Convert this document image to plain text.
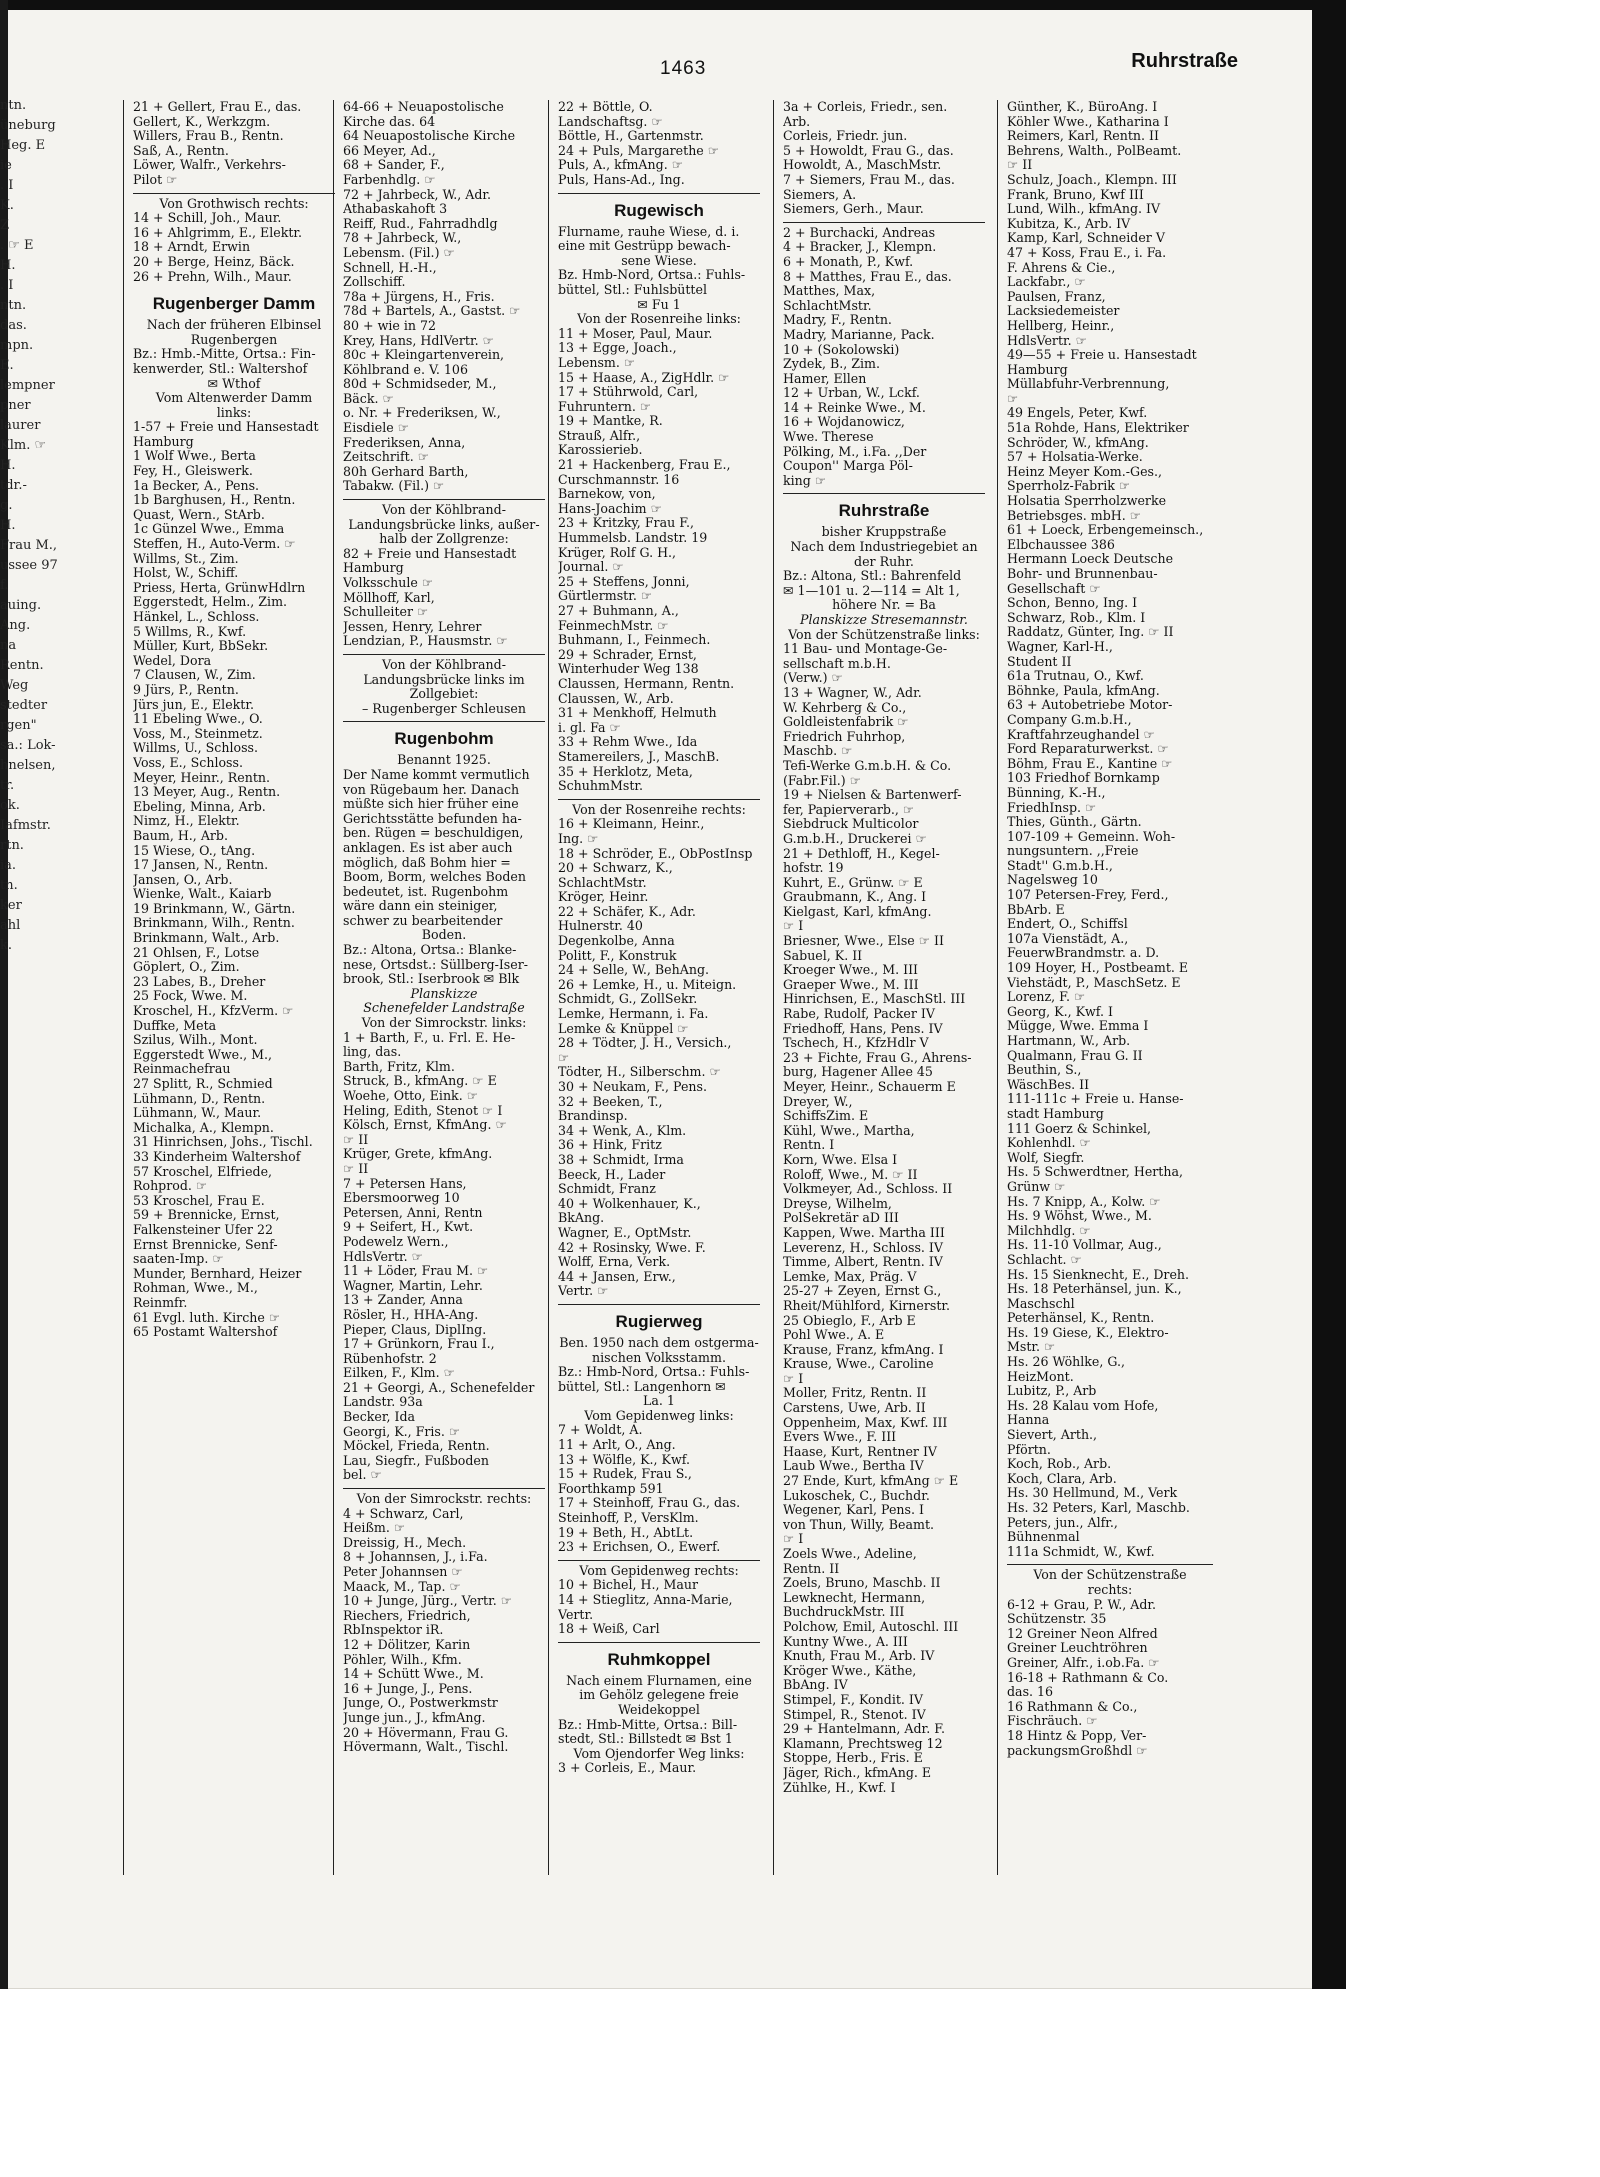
1463	Ruhrstraße
ntn.
üneburg
Heg. E
ie
. I
K.
Z
. ☞ E
H.
. I
ntn.
das.
mpn.
E.
lempner
pner
laurer
Klm. ☞
H.
tdr.-
g.
H.
Frau M.,
ussee 97
f.
auing.
Ang.
na
Rentn.
Weg
stedter
rgen"
sa.: Lok-
hnelsen,
tr.
ok.
Iafmstr.
rtn.
ia.
tn.
ker
ahl
k.
21 + Gellert, Frau E., das.
Gellert, K., Werkzgm.
Willers, Frau B., Rentn.
Saß, A., Rentn.
Löwer, Walfr., Verkehrs-
Pilot ☞
Von Grothwisch rechts:
14 + Schill, Joh., Maur.
16 + Ahlgrimm, E., Elektr.
18 + Arndt, Erwin
20 + Berge, Heinz, Bäck.
26 + Prehn, Wilh., Maur.
Rugenberger Damm
Nach der früheren Elbinsel
Rugenbergen
Bz.: Hmb.-Mitte, Ortsa.: Fin-
kenwerder, Stl.: Waltershof
✉ Wthof
Vom Altenwerder Damm
links:
1-57 + Freie und Hansestadt
Hamburg
1 Wolf Wwe., Berta
Fey, H., Gleiswerk.
1a Becker, A., Pens.
1b Barghusen, H., Rentn.
Quast, Wern., StArb.
1c Günzel Wwe., Emma
Steffen, H., Auto-Verm. ☞
Willms, St., Zim.
Holst, W., Schiff.
Priess, Herta, GrünwHdlrn
Eggerstedt, Helm., Zim.
Hänkel, L., Schloss.
5 Willms, R., Kwf.
Müller, Kurt, BbSekr.
Wedel, Dora
7 Clausen, W., Zim.
9 Jürs, P., Rentn.
Jürs jun, E., Elektr.
11 Ebeling Wwe., O.
Voss, M., Steinmetz.
Willms, U., Schloss.
Voss, E., Schloss.
Meyer, Heinr., Rentn.
13 Meyer, Aug., Rentn.
Ebeling, Minna, Arb.
Nimz, H., Elektr.
Baum, H., Arb.
15 Wiese, O., tAng.
17 Jansen, N., Rentn.
Jansen, O., Arb.
Wienke, Walt., Kaiarb
19 Brinkmann, W., Gärtn.
Brinkmann, Wilh., Rentn.
Brinkmann, Walt., Arb.
21 Ohlsen, F., Lotse
Göplert, O., Zim.
23 Labes, B., Dreher
25 Fock, Wwe. M.
Kroschel, H., KfzVerm. ☞
Duffke, Meta
Szilus, Wilh., Mont.
Eggerstedt Wwe., M.,
Reinmachefrau
27 Splitt, R., Schmied
Lühmann, D., Rentn.
Lühmann, W., Maur.
Michalka, A., Klempn.
31 Hinrichsen, Johs., Tischl.
33 Kinderheim Waltershof
57 Kroschel, Elfriede,
Rohprod. ☞
53 Kroschel, Frau E.
59 + Brennicke, Ernst,
Falkensteiner Ufer 22
Ernst Brennicke, Senf-
saaten-Imp. ☞
Munder, Bernhard, Heizer
Rohman, Wwe., M.,
Reinmfr.
61 Evgl. luth. Kirche ☞
65 Postamt Waltershof
64-66 + Neuapostolische
Kirche das. 64
64 Neuapostolische Kirche
66 Meyer, Ad.,
68 + Sander, F.,
Farbenhdlg. ☞
72 + Jahrbeck, W., Adr.
Athabaskahoft 3
Reiff, Rud., Fahrradhdlg
78 + Jahrbeck, W.,
Lebensm. (Fil.) ☞
Schnell, H.-H.,
Zollschiff.
78a + Jürgens, H., Fris.
78d + Bartels, A., Gastst. ☞
80 + wie in 72
Krey, Hans, HdlVertr. ☞
80c + Kleingartenverein,
Köhlbrand e. V. 106
80d + Schmidseder, M.,
Bäck. ☞
o. Nr. + Frederiksen, W.,
Eisdiele ☞
Frederiksen, Anna,
Zeitschrift. ☞
80h Gerhard Barth,
Tabakw. (Fil.) ☞
Von der Köhlbrand-
Landungsbrücke links, außer-
halb der Zollgrenze:
82 + Freie und Hansestadt
Hamburg
Volksschule ☞
Möllhoff, Karl,
Schulleiter ☞
Jessen, Henry, Lehrer
Lendzian, P., Hausmstr. ☞
Von der Köhlbrand-
Landungsbrücke links im
Zollgebiet:
– Rugenberger Schleusen
Rugenbohm
Benannt 1925.
Der Name kommt vermutlich
von Rügebaum her. Danach
müßte sich hier früher eine
Gerichtsstätte befunden ha-
ben. Rügen = beschuldigen,
anklagen. Es ist aber auch
möglich, daß Bohm hier =
Boom, Borm, welches Boden
bedeutet, ist. Rugenbohm
wäre dann ein steiniger,
schwer zu bearbeitender
Boden.
Bz.: Altona, Ortsa.: Blanke-
nese, Ortsdst.: Süllberg-Iser-
brook, Stl.: Iserbrook ✉ Blk
Planskizze
Schenefelder Landstraße
Von der Simrockstr. links:
1 + Barth, F., u. Frl. E. He-
ling, das.
Barth, Fritz, Klm.
Struck, B., kfmAng. ☞ E
Woehe, Otto, Eink. ☞
Heling, Edith, Stenot ☞ I
Kölsch, Ernst, KfmAng. ☞
☞ II
Krüger, Grete, kfmAng.
☞ II
7 + Petersen Hans,
Ebersmoorweg 10
Petersen, Anni, Rentn
9 + Seifert, H., Kwt.
Podewelz Wern.,
HdlsVertr. ☞
11 + Löder, Frau M. ☞
Wagner, Martin, Lehr.
13 + Zander, Anna
Rösler, H., HHA-Ang.
Pieper, Claus, DiplIng.
17 + Grünkorn, Frau I.,
Rübenhofstr. 2
Eilken, F., Klm. ☞
21 + Georgi, A., Schenefelder
Landstr. 93a
Becker, Ida
Georgi, K., Fris. ☞
Möckel, Frieda, Rentn.
Lau, Siegfr., Fußboden
bel. ☞
Von der Simrockstr. rechts:
4 + Schwarz, Carl,
Heißm. ☞
Dreissig, H., Mech.
8 + Johannsen, J., i.Fa.
Peter Johannsen ☞
Maack, M., Tap. ☞
10 + Junge, Jürg., Vertr. ☞
Riechers, Friedrich,
RbInspektor iR.
12 + Dölitzer, Karin
Pöhler, Wilh., Kfm.
14 + Schütt Wwe., M.
16 + Junge, J., Pens.
Junge, O., Postwerkmstr
Junge jun., J., kfmAng.
20 + Hövermann, Frau G.
Hövermann, Walt., Tischl.
22 + Böttle, O.
Landschaftsg. ☞
Böttle, H., Gartenmstr.
24 + Puls, Margarethe ☞
Puls, A., kfmAng. ☞
Puls, Hans-Ad., Ing.
Rugewisch
Flurname, rauhe Wiese, d. i.
eine mit Gestrüpp bewach-
sene Wiese.
Bz. Hmb-Nord, Ortsa.: Fuhls-
büttel, Stl.: Fuhlsbüttel
✉ Fu 1
Von der Rosenreihe links:
11 + Moser, Paul, Maur.
13 + Egge, Joach.,
Lebensm. ☞
15 + Haase, A., ZigHdlr. ☞
17 + Stührwold, Carl,
Fuhruntern. ☞
19 + Mantke, R.
Strauß, Alfr.,
Karossierieb.
21 + Hackenberg, Frau E.,
Curschmannstr. 16
Barnekow, von,
Hans-Joachim ☞
23 + Kritzky, Frau F.,
Hummelsb. Landstr. 19
Krüger, Rolf G. H.,
Journal. ☞
25 + Steffens, Jonni,
Gürtlermstr. ☞
27 + Buhmann, A.,
FeinmechMstr. ☞
Buhmann, I., Feinmech.
29 + Schrader, Ernst,
Winterhuder Weg 138
Claussen, Hermann, Rentn.
Claussen, W., Arb.
31 + Menkhoff, Helmuth
i. gl. Fa ☞
33 + Rehm Wwe., Ida
Stamereilers, J., MaschB.
35 + Herklotz, Meta,
SchuhmMstr.
Von der Rosenreihe rechts:
16 + Kleimann, Heinr.,
Ing. ☞
18 + Schröder, E., ObPostInsp
20 + Schwarz, K.,
SchlachtMstr.
Kröger, Heinr.
22 + Schäfer, K., Adr.
Hulnerstr. 40
Degenkolbe, Anna
Politt, F., Konstruk
24 + Selle, W., BehAng.
26 + Lemke, H., u. Miteign.
Schmidt, G., ZollSekr.
Lemke, Hermann, i. Fa.
Lemke & Knüppel ☞
28 + Tödter, J. H., Versich.,
☞
Tödter, H., Silberschm. ☞
30 + Neukam, F., Pens.
32 + Beeken, T.,
Brandinsp.
34 + Wenk, A., Klm.
36 + Hink, Fritz
38 + Schmidt, Irma
Beeck, H., Lader
Schmidt, Franz
40 + Wolkenhauer, K.,
BkAng.
Wagner, E., OptMstr.
42 + Rosinsky, Wwe. F.
Wolff, Erna, Verk.
44 + Jansen, Erw.,
Vertr. ☞
Rugierweg
Ben. 1950 nach dem ostgerma-
nischen Volksstamm.
Bz.: Hmb-Nord, Ortsa.: Fuhls-
büttel, Stl.: Langenhorn ✉
La. 1
Vom Gepidenweg links:
7 + Woldt, A.
11 + Arlt, O., Ang.
13 + Wölfle, K., Kwf.
15 + Rudek, Frau S.,
Foorthkamp 591
17 + Steinhoff, Frau G., das.
Steinhoff, P., VersKlm.
19 + Beth, H., AbtLt.
23 + Erichsen, O., Ewerf.
Vom Gepidenweg rechts:
10 + Bichel, H., Maur
14 + Stieglitz, Anna-Marie,
Vertr.
18 + Weiß, Carl
Ruhmkoppel
Nach einem Flurnamen, eine
im Gehölz gelegene freie
Weidekoppel
Bz.: Hmb-Mitte, Ortsa.: Bill-
stedt, Stl.: Billstedt ✉ Bst 1
Vom Ojendorfer Weg links:
3 + Corleis, E., Maur.
3a + Corleis, Friedr., sen.
Arb.
Corleis, Friedr. jun.
5 + Howoldt, Frau G., das.
Howoldt, A., MaschMstr.
7 + Siemers, Frau M., das.
Siemers, A.
Siemers, Gerh., Maur.
2 + Burchacki, Andreas
4 + Bracker, J., Klempn.
6 + Monath, P., Kwf.
8 + Matthes, Frau E., das.
Matthes, Max,
SchlachtMstr.
Madry, F., Rentn.
Madry, Marianne, Pack.
10 + (Sokolowski)
Zydek, B., Zim.
Hamer, Ellen
12 + Urban, W., Lckf.
14 + Reinke Wwe., M.
16 + Wojdanowicz,
Wwe. Therese
Pölking, M., i.Fa. ,,Der
Coupon'' Marga Pöl-
king ☞
Ruhrstraße
bisher Kruppstraße
Nach dem Industriegebiet an
der Ruhr.
Bz.: Altona, Stl.: Bahrenfeld
✉ 1—101 u. 2—114 = Alt 1,
höhere Nr. = Ba
Planskizze Stresemannstr.
Von der Schützenstraße links:
11 Bau- und Montage-Ge-
sellschaft m.b.H.
(Verw.) ☞
13 + Wagner, W., Adr.
W. Kehrberg & Co.,
Goldleistenfabrik ☞
Friedrich Fuhrhop,
Maschb. ☞
Tefi-Werke G.m.b.H. & Co.
(Fabr.Fil.) ☞
19 + Nielsen & Bartenwerf-
fer, Papierverarb., ☞
Siebdruck Multicolor
G.m.b.H., Druckerei ☞
21 + Dethloff, H., Kegel-
hofstr. 19
Kuhrt, E., Grünw. ☞ E
Graubmann, K., Ang. I
Kielgast, Karl, kfmAng.
☞ I
Briesner, Wwe., Else ☞ II
Sabuel, K. II
Kroeger Wwe., M. III
Graeper Wwe., M. III
Hinrichsen, E., MaschStl. III
Rabe, Rudolf, Packer IV
Friedhoff, Hans, Pens. IV
Tschech, H., KfzHdlr V
23 + Fichte, Frau G., Ahrens-
burg, Hagener Allee 45
Meyer, Heinr., Schauerm E
Dreyer, W.,
SchiffsZim. E
Kühl, Wwe., Martha,
Rentn. I
Korn, Wwe. Elsa I
Roloff, Wwe., M. ☞ II
Volkmeyer, Ad., Schloss. II
Dreyse, Wilhelm,
PolSekretär aD III
Kappen, Wwe. Martha III
Leverenz, H., Schloss. IV
Timme, Albert, Rentn. IV
Lemke, Max, Präg. V
25-27 + Zeyen, Ernst G.,
Rheit/Mühlford, Kirnerstr.
25 Obieglo, F., Arb E
Pohl Wwe., A. E
Krause, Franz, kfmAng. I
Krause, Wwe., Caroline
☞ I
Moller, Fritz, Rentn. II
Carstens, Uwe, Arb. II
Oppenheim, Max, Kwf. III
Evers Wwe., F. III
Haase, Kurt, Rentner IV
Laub Wwe., Bertha IV
27 Ende, Kurt, kfmAng ☞ E
Lukoschek, C., Buchdr.
Wegener, Karl, Pens. I
von Thun, Willy, Beamt.
☞ I
Zoels Wwe., Adeline,
Rentn. II
Zoels, Bruno, Maschb. II
Lewknecht, Hermann,
BuchdruckMstr. III
Polchow, Emil, Autoschl. III
Kuntny Wwe., A. III
Knuth, Frau M., Arb. IV
Kröger Wwe., Käthe,
BbAng. IV
Stimpel, F., Kondit. IV
Stimpel, R., Stenot. IV
29 + Hantelmann, Adr. F.
Klamann, Prechtsweg 12
Stoppe, Herb., Fris. E
Jäger, Rich., kfmAng. E
Zühlke, H., Kwf. I
Günther, K., BüroAng. I
Köhler Wwe., Katharina I
Reimers, Karl, Rentn. II
Behrens, Walth., PolBeamt.
☞ II
Schulz, Joach., Klempn. III
Frank, Bruno, Kwf III
Lund, Wilh., kfmAng. IV
Kubitza, K., Arb. IV
Kamp, Karl, Schneider V
47 + Koss, Frau E., i. Fa.
F. Ahrens & Cie.,
Lackfabr., ☞
Paulsen, Franz,
Lacksiedemeister
Hellberg, Heinr.,
HdlsVertr. ☞
49—55 + Freie u. Hansestadt
Hamburg
Müllabfuhr-Verbrennung,
☞
49 Engels, Peter, Kwf.
51a Rohde, Hans, Elektriker
Schröder, W., kfmAng.
57 + Holsatia-Werke.
Heinz Meyer Kom.-Ges.,
Sperrholz-Fabrik ☞
Holsatia Sperrholzwerke
Betriebsges. mbH. ☞
61 + Loeck, Erbengemeinsch.,
Elbchaussee 386
Hermann Loeck Deutsche
Bohr- und Brunnenbau-
Gesellschaft ☞
Schon, Benno, Ing. I
Schwarz, Rob., Klm. I
Raddatz, Günter, Ing. ☞ II
Wagner, Karl-H.,
Student II
61a Trutnau, O., Kwf.
Böhnke, Paula, kfmAng.
63 + Autobetriebe Motor-
Company G.m.b.H.,
Kraftfahrzeughandel ☞
Ford Reparaturwerkst. ☞
Böhm, Frau E., Kantine ☞
103 Friedhof Bornkamp
Bünning, K.-H.,
FriedhInsp. ☞
Thies, Günth., Gärtn.
107-109 + Gemeinn. Woh-
nungsuntern. ,,Freie
Stadt'' G.m.b.H.,
Nagelsweg 10
107 Petersen-Frey, Ferd.,
BbArb. E
Endert, O., Schiffsl
107a Vienstädt, A.,
FeuerwBrandmstr. a. D.
109 Hoyer, H., Postbeamt. E
Viehstädt, P., MaschSetz. E
Lorenz, F. ☞
Georg, K., Kwf. I
Mügge, Wwe. Emma I
Hartmann, W., Arb.
Qualmann, Frau G. II
Beuthin, S.,
WäschBes. II
111-111c + Freie u. Hanse-
stadt Hamburg
111 Goerz & Schinkel,
Kohlenhdl. ☞
Wolf, Siegfr.
Hs. 5 Schwerdtner, Hertha,
Grünw ☞
Hs. 7 Knipp, A., Kolw. ☞
Hs. 9 Wöhst, Wwe., M.
Milchhdlg. ☞
Hs. 11-10 Vollmar, Aug.,
Schlacht. ☞
Hs. 15 Sienknecht, E., Dreh.
Hs. 18 Peterhänsel, jun. K.,
Maschschl
Peterhänsel, K., Rentn.
Hs. 19 Giese, K., Elektro-
Mstr. ☞
Hs. 26 Wöhlke, G.,
HeizMont.
Lubitz, P., Arb
Hs. 28 Kalau vom Hofe,
Hanna
Sievert, Arth.,
Pförtn.
Koch, Rob., Arb.
Koch, Clara, Arb.
Hs. 30 Hellmund, M., Verk
Hs. 32 Peters, Karl, Maschb.
Peters, jun., Alfr.,
Bühnenmal
111a Schmidt, W., Kwf.
Von der Schützenstraße
rechts:
6-12 + Grau, P. W., Adr.
Schützenstr. 35
12 Greiner Neon Alfred
Greiner Leuchtröhren
Greiner, Alfr., i.ob.Fa. ☞
16-18 + Rathmann & Co.
das. 16
16 Rathmann & Co.,
Fischräuch. ☞
18 Hintz & Popp, Ver-
packungsmGroßhdl ☞
